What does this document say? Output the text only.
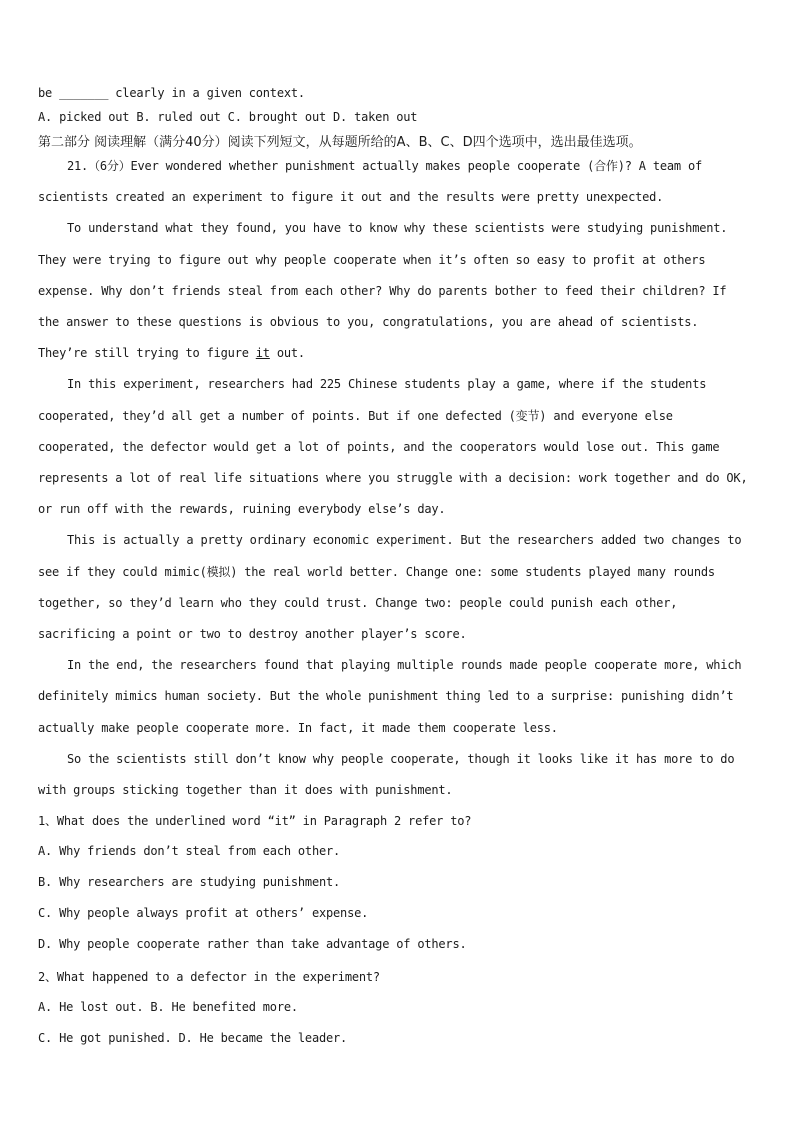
be _______ clearly in a given context.
A. picked out B. ruled out C. brought out D. taken out
第二部分 阅读理解（满分40分）阅读下列短文，从每题所给的A、B、C、D四个选项中，选出最佳选项。
21.（6分）Ever wondered whether punishment actually makes people cooperate (合作)? A team of
scientists created an experiment to figure it out and the results were pretty unexpected.
To understand what they found, you have to know why these scientists were studying punishment.
They were trying to figure out why people cooperate when it’s often so easy to profit at others
expense. Why don’t friends steal from each other? Why do parents bother to feed their children? If
the answer to these questions is obvious to you, congratulations, you are ahead of scientists.
They’re still trying to figure it out.
In this experiment, researchers had 225 Chinese students play a game, where if the students
cooperated, they’d all get a number of points. But if one defected (变节) and everyone else
cooperated, the defector would get a lot of points, and the cooperators would lose out. This game
represents a lot of real life situations where you struggle with a decision: work together and do OK,
or run off with the rewards, ruining everybody else’s day.
This is actually a pretty ordinary economic experiment. But the researchers added two changes to
see if they could mimic(模拟) the real world better. Change one: some students played many rounds
together, so they’d learn who they could trust. Change two: people could punish each other,
sacrificing a point or two to destroy another player’s score.
In the end, the researchers found that playing multiple rounds made people cooperate more, which
definitely mimics human society. But the whole punishment thing led to a surprise: punishing didn’t
actually make people cooperate more. In fact, it made them cooperate less.
So the scientists still don’t know why people cooperate, though it looks like it has more to do
with groups sticking together than it does with punishment.
1、What does the underlined word “it” in Paragraph 2 refer to?
A. Why friends don’t steal from each other.
B. Why researchers are studying punishment.
C. Why people always profit at others’ expense.
D. Why people cooperate rather than take advantage of others.
2、What happened to a defector in the experiment?
A. He lost out. B. He benefited more.
C. He got punished. D. He became the leader.
